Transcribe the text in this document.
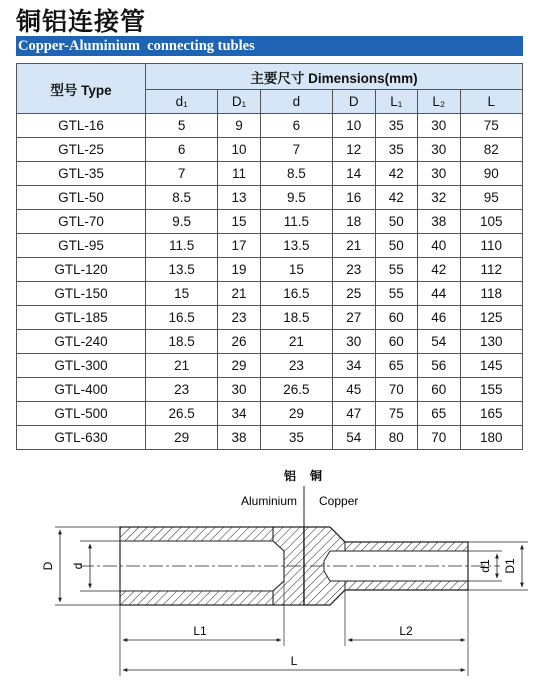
铜铝连接管
Copper-Aluminium  connecting tubles
型号 Type	主要尺寸 Dimensions(mm)						
	d₁	D₁	d	D	L₁	L₂	L
GTL-16	5	9	6	10	35	30	75
GTL-25	6	10	7	12	35	30	82
GTL-35	7	11	8.5	14	42	30	90
GTL-50	8.5	13	9.5	16	42	32	95
GTL-70	9.5	15	11.5	18	50	38	105
GTL-95	11.5	17	13.5	21	50	40	110
GTL-120	13.5	19	15	23	55	42	112
GTL-150	15	21	16.5	25	55	44	118
GTL-185	16.5	23	18.5	27	60	46	125
GTL-240	18.5	26	21	30	60	54	130
GTL-300	21	29	23	34	65	56	145
GTL-400	23	30	26.5	45	70	60	155
GTL-500	26.5	34	29	47	75	65	165
GTL-630	29	38	35	54	80	70	180
铝 铜
Aluminium Copper
D d	d1 D1
L1	L2
L
